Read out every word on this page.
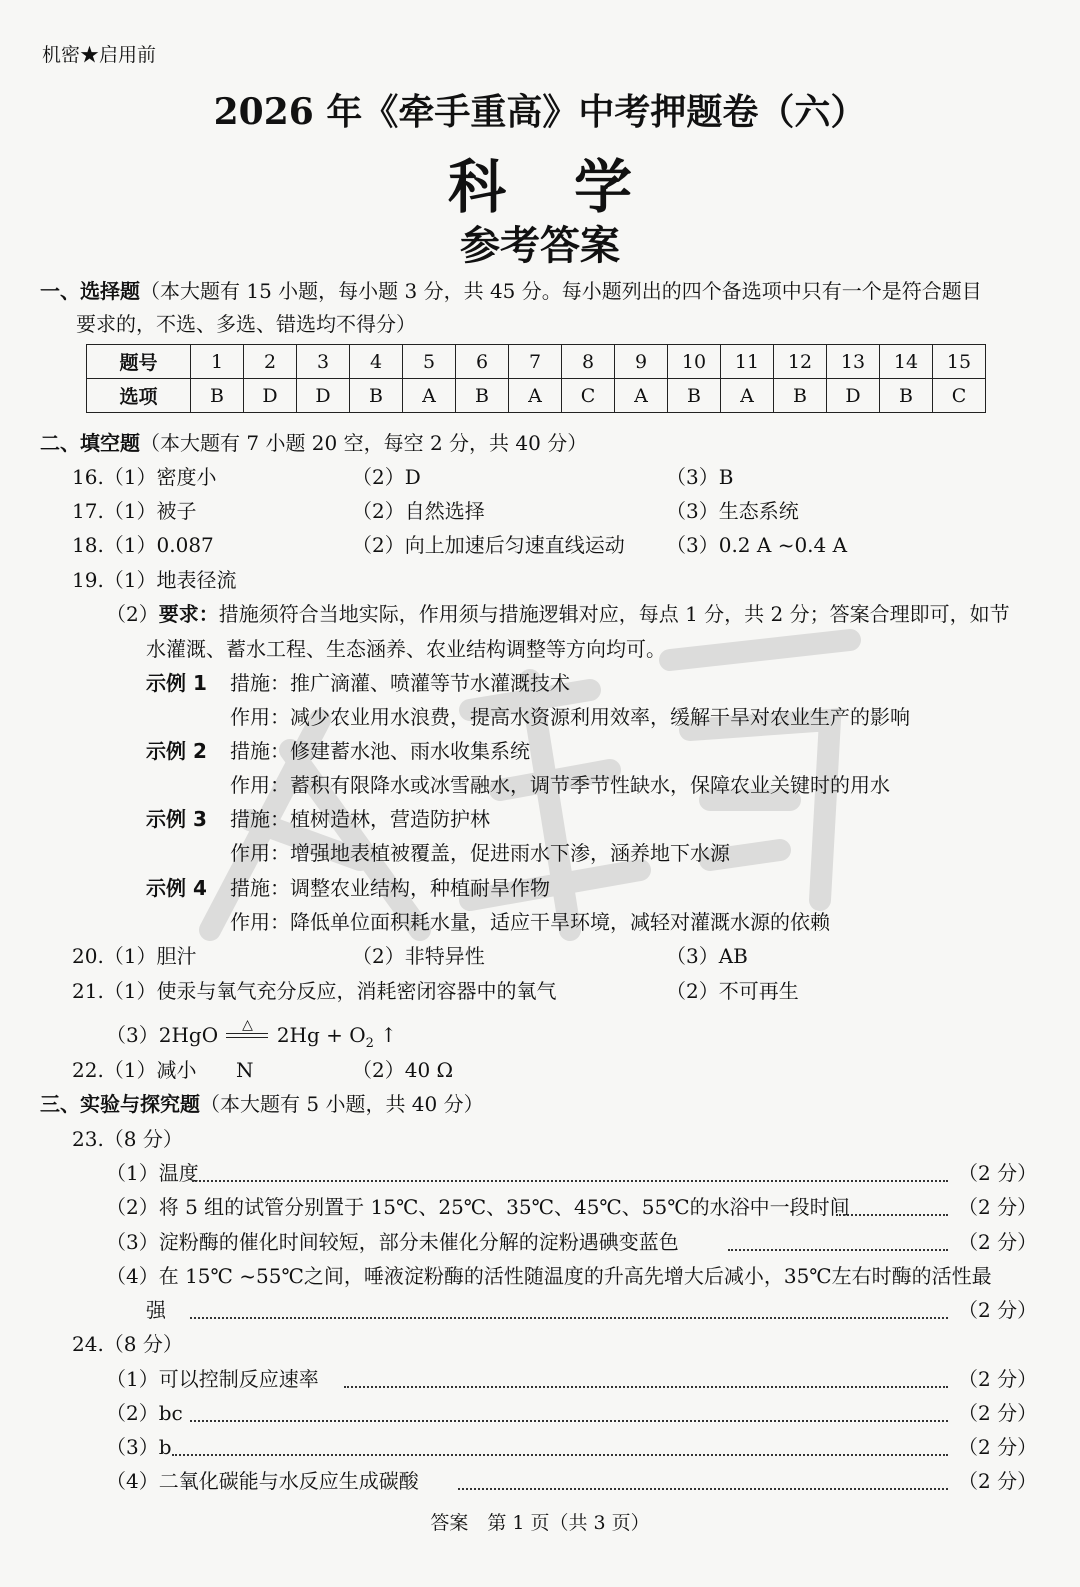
机密★启用前
2026 年《牵手重高》中考押题卷（六）
科学
参考答案
一、选择题（本大题有 15 小题，每小题 3 分，共 45 分。每小题列出的四个备选项中只有一个是符合题目
要求的，不选、多选、错选均不得分）
题号	1	2	3	4	5	6	7	8	9	10	11	12	13	14	15
选项	B	D	D	B	A	B	A	C	A	B	A	B	D	B	C
二、填空题（本大题有 7 小题 20 空，每空 2 分，共 40 分）
16.（1）密度小	（2）D	（3）B
17.（1）被子	（2）自然选择	（3）生态系统
18.（1）0.087	（2）向上加速后匀速直线运动 （3）0.2 A ~0.4 A
19.（1）地表径流
（2）要求：措施须符合当地实际，作用须与措施逻辑对应，每点 1 分，共 2 分；答案合理即可，如节
水灌溉、蓄水工程、生态涵养、农业结构调整等方向均可。
示例 1 措施：推广滴灌、喷灌等节水灌溉技术
作用：减少农业用水浪费，提高水资源利用效率，缓解干旱对农业生产的影响
示例 2 措施：修建蓄水池、雨水收集系统
作用：蓄积有限降水或冰雪融水，调节季节性缺水，保障农业关键时的用水
示例 3 措施：植树造林，营造防护林
作用：增强地表植被覆盖，促进雨水下渗，涵养地下水源
示例 4 措施：调整农业结构，种植耐旱作物
作用：降低单位面积耗水量，适应干旱环境，减轻对灌溉水源的依赖
20.（1）胆汁	（2）非特异性	（3）AB
21.（1）使汞与氧气充分反应，消耗密闭容器中的氧气	（2）不可再生
（3）2HgO	△	$2Hg + O_2$ ↑
22.（1）减小 N	（2）40 Ω
三、实验与探究题（本大题有 5 小题，共 40 分）
23.（8 分）
（1）温度	（2 分）
（2）将 5 组的试管分别置于 15℃、25℃、35℃、45℃、55℃的水浴中一段时间	（2 分）
（3）淀粉酶的催化时间较短，部分未催化分解的淀粉遇碘变蓝色	（2 分）
（4）在 15℃ ~55℃之间，唾液淀粉酶的活性随温度的升高先增大后减小，35℃左右时酶的活性最
强	（2 分）
24.（8 分）
（1）可以控制反应速率	（2 分）
（2）bc	（2 分）
（3）b	（2 分）
（4）二氧化碳能与水反应生成碳酸	（2 分）
答案　第 1 页（共 3 页）
